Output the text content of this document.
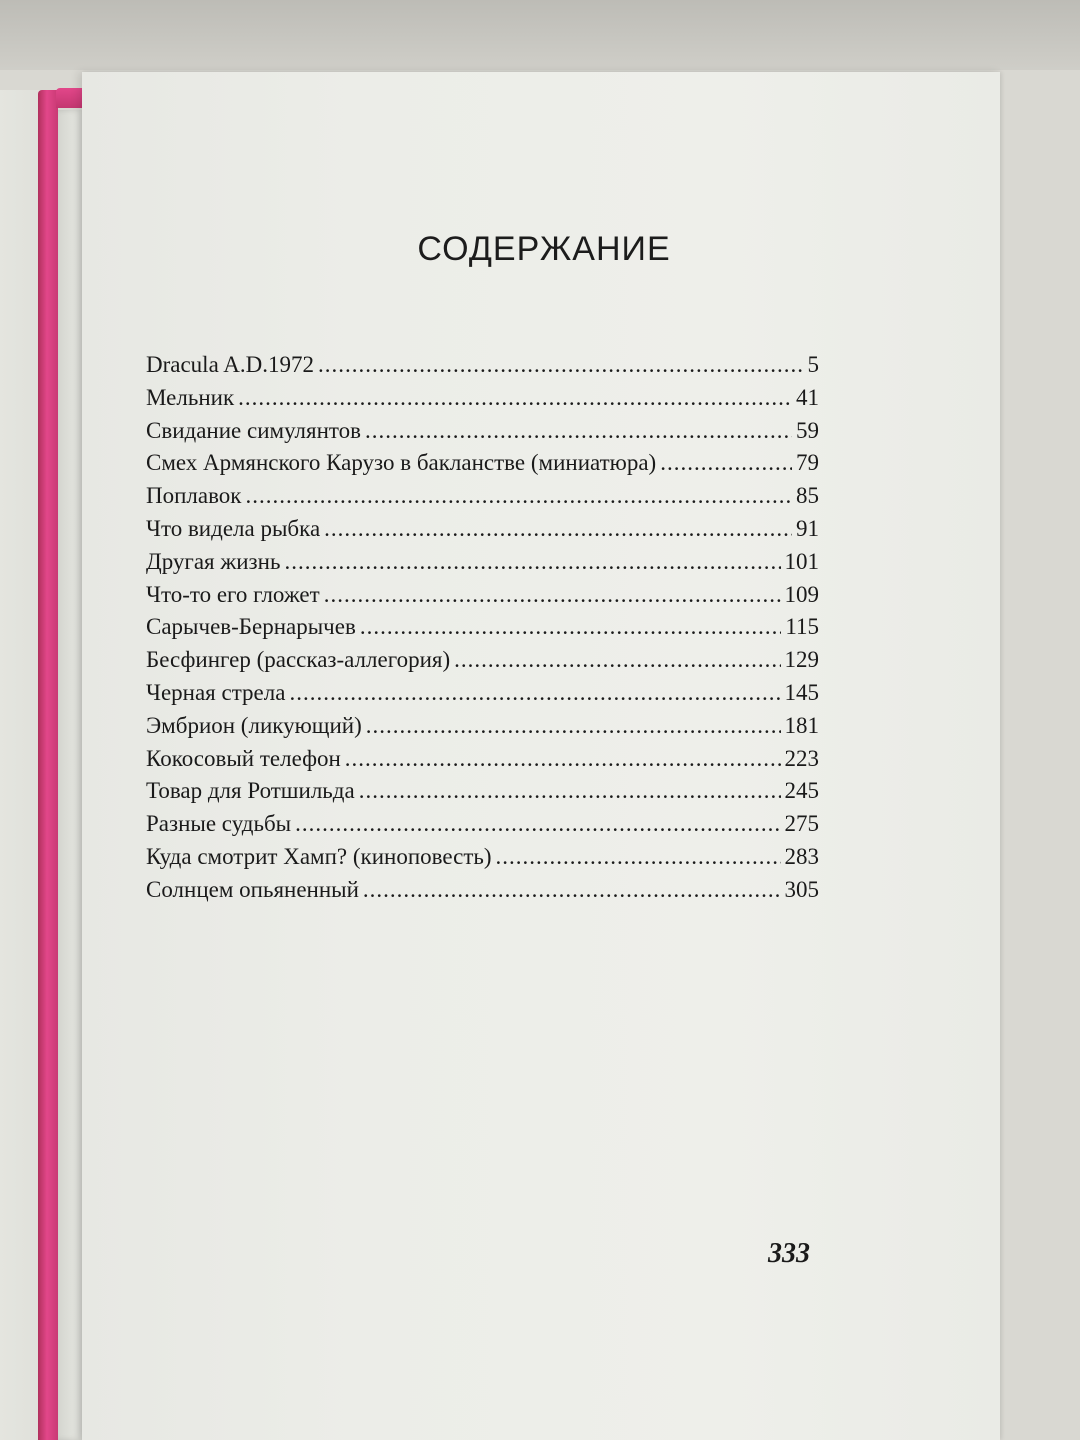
СОДЕРЖАНИЕ
Dracula A.D.1972 .....	5
Мельник .....	41
Свидание симулянтов .....	59
Смех Армянского Карузо в бакланстве (миниатюра) .....	79
Поплавок .....	85
Что видела рыбка .....	91
Другая жизнь .....	101
Что-то его гложет .....	109
Сарычев-Бернарычев .....	115
Бесфингер (рассказ-аллегория) .....	129
Черная стрела .....	145
Эмбрион (ликующий) .....	181
Кокосовый телефон .....	223
Товар для Ротшильда .....	245
Разные судьбы .....	275
Куда смотрит Хамп? (киноповесть) .....	283
Солнцем опьяненный .....	305
333
